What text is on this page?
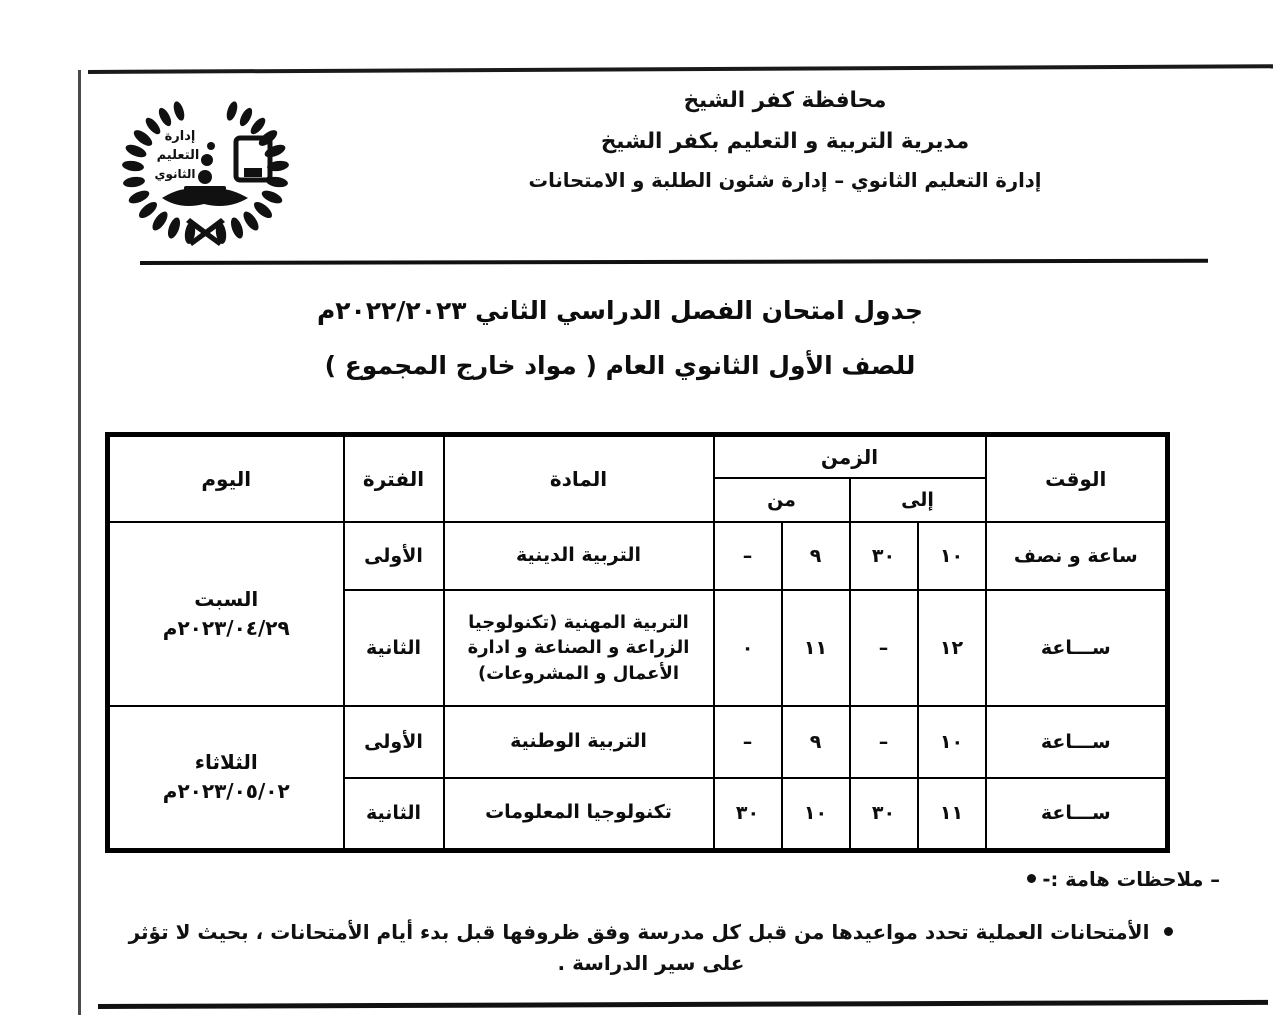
إدارة
التعليم
الثانوي
محافظة كفر الشيخ
مديرية التربية و التعليم بكفر الشيخ
إدارة التعليم الثانوي – إدارة شئون الطلبة و الامتحانات
جدول امتحان الفصل الدراسي الثاني ٢٠٢٢/٢٠٢٣م
للصف الأول الثانوي العام ( مواد خارج المجموع )
الوقت	الزمن				المادة	الفترة	اليوم
	إلى		من				
ساعة و نصف	١٠	٣٠	٩	–	التربية الدينية	الأولى	السبت
٢٠٢٣/٠٤/٢٩م

ســـاعة	١٢	–	١١	٠	التربية المهنية (تكنولوجيا الزراعة و الصناعة و ادارة الأعمال و المشروعات)	الثانية	
ســـاعة	١٠	–	٩	–	التربية الوطنية	الأولى	الثلاثاء
٢٠٢٣/٠٥/٠٢م

ســـاعة	١١	٣٠	١٠	٣٠	تكنولوجيا المعلومات	الثانية	
– ملاحظات هامة :-
الأمتحانات العملية تحدد مواعيدها من قبل كل مدرسة وفق ظروفها قبل بدء أيام الأمتحانات ، بحيث لا تؤثر على سير الدراسة .
